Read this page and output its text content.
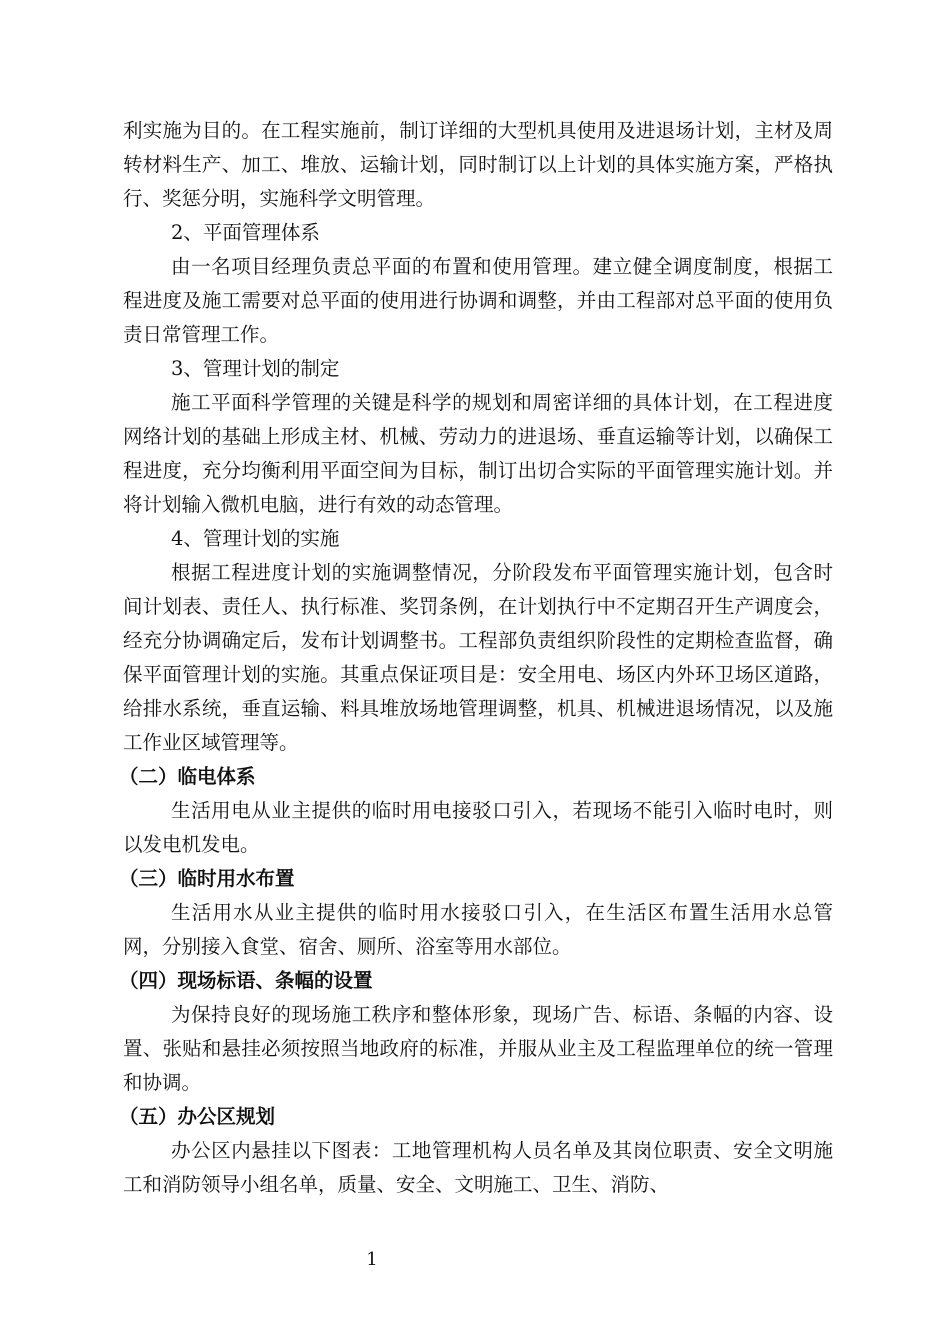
利实施为目的。在工程实施前，制订详细的大型机具使用及进退场计划，主材及周转材料生产、加工、堆放、运输计划，同时制订以上计划的具体实施方案，严格执行、奖惩分明，实施科学文明管理。

2、平面管理体系

由一名项目经理负责总平面的布置和使用管理。建立健全调度制度，根据工程进度及施工需要对总平面的使用进行协调和调整，并由工程部对总平面的使用负责日常管理工作。

3、管理计划的制定

施工平面科学管理的关键是科学的规划和周密详细的具体计划，在工程进度网络计划的基础上形成主材、机械、劳动力的进退场、垂直运输等计划，以确保工程进度，充分均衡利用平面空间为目标，制订出切合实际的平面管理实施计划。并将计划输入微机电脑，进行有效的动态管理。

4、管理计划的实施

根据工程进度计划的实施调整情况，分阶段发布平面管理实施计划，包含时间计划表、责任人、执行标准、奖罚条例，在计划执行中不定期召开生产调度会，经充分协调确定后，发布计划调整书。工程部负责组织阶段性的定期检查监督，确保平面管理计划的实施。其重点保证项目是：安全用电、场区内外环卫场区道路，给排水系统，垂直运输、料具堆放场地管理调整，机具、机械进退场情况，以及施工作业区域管理等。

（二）临电体系

生活用电从业主提供的临时用电接驳口引入，若现场不能引入临时电时，则以发电机发电。

（三）临时用水布置

生活用水从业主提供的临时用水接驳口引入，在生活区布置生活用水总管网，分别接入食堂、宿舍、厕所、浴室等用水部位。

（四）现场标语、条幅的设置

为保持良好的现场施工秩序和整体形象，现场广告、标语、条幅的内容、设置、张贴和悬挂必须按照当地政府的标准，并服从业主及工程监理单位的统一管理和协调。

（五）办公区规划

办公区内悬挂以下图表：工地管理机构人员名单及其岗位职责、安全文明施工和消防领导小组名单，质量、安全、文明施工、卫生、消防、

1
